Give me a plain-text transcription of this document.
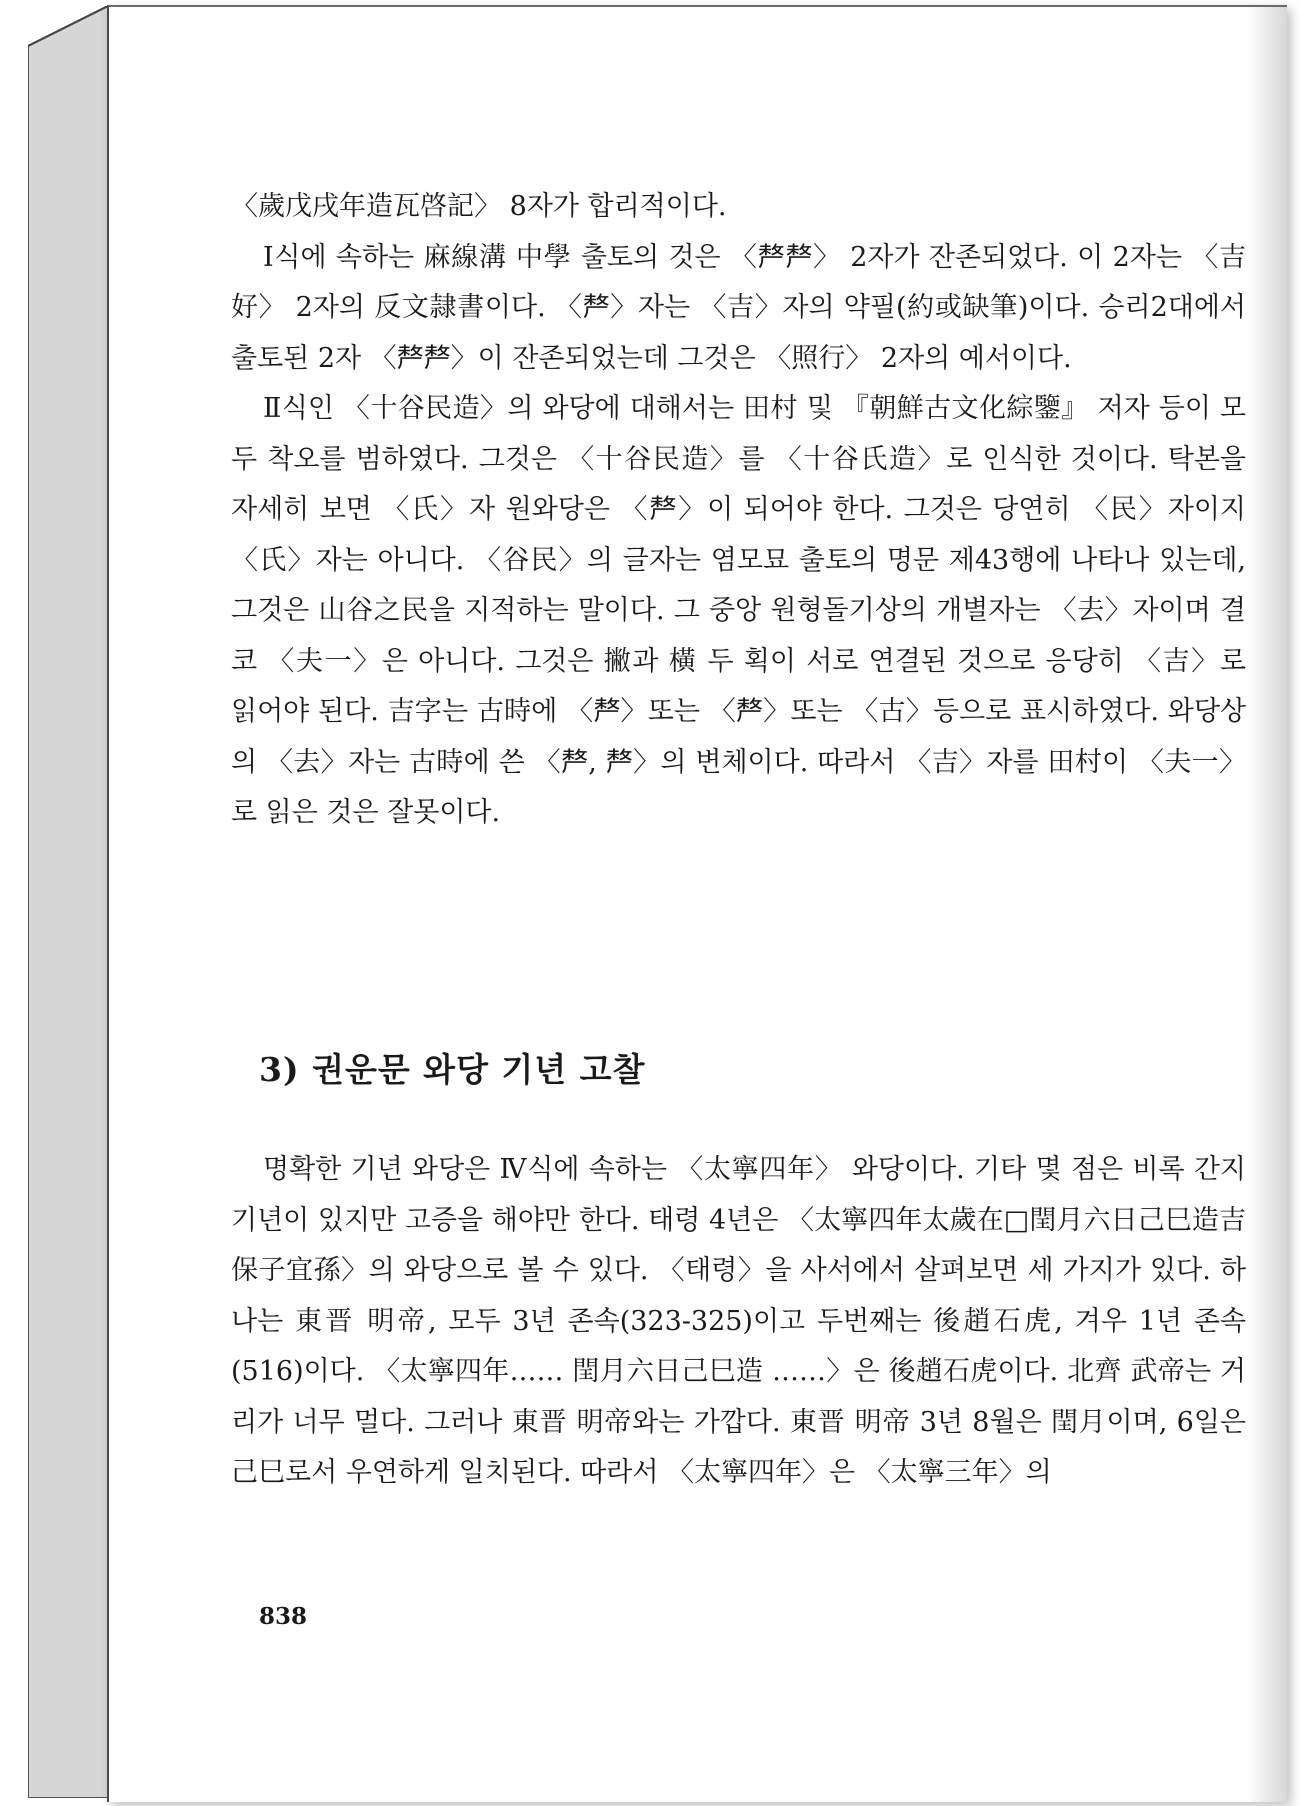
〈歲戊戌年造瓦啓記〉 8자가 합리적이다.

Ⅰ식에 속하는 麻線溝 中學 출토의 것은 〈𠩺𠩺〉 2자가 잔존되었다. 이 2자는 〈吉好〉 2자의 反文隷書이다. 〈𠩺〉자는 〈吉〉자의 약필(約或缺筆)이다. 승리2대에서 출토된 2자 〈𠩺𠩺〉이 잔존되었는데 그것은 〈照行〉 2자의 예서이다.

Ⅱ식인 〈十谷民造〉의 와당에 대해서는 田村 및 『朝鮮古文化綜鑒』 저자 등이 모두 착오를 범하였다. 그것은 〈十谷民造〉를 〈十谷氏造〉로 인식한 것이다. 탁본을 자세히 보면 〈氏〉자 원와당은 〈𠩺〉이 되어야 한다. 그것은 당연히 〈民〉자이지 〈氏〉자는 아니다. 〈谷民〉의 글자는 염모묘 출토의 명문 제43행에 나타나 있는데, 그것은 山谷之民을 지적하는 말이다. 그 중앙 원형돌기상의 개별자는 〈去〉자이며 결코 〈夫一〉은 아니다. 그것은 撇과 橫 두 획이 서로 연결된 것으로 응당히 〈吉〉로 읽어야 된다. 吉字는 古時에 〈𠩺〉또는 〈𠩺〉또는 〈古〉등으로 표시하였다. 와당상의 〈去〉자는 古時에 쓴 〈𠩺, 𠩺〉의 변체이다. 따라서 〈吉〉자를 田村이 〈夫一〉로 읽은 것은 잘못이다.

3) 권운문 와당 기년 고찰

명확한 기년 와당은 Ⅳ식에 속하는 〈太寧四年〉 와당이다. 기타 몇 점은 비록 간지기년이 있지만 고증을 해야만 한다. 태령 4년은 〈太寧四年太歲在□閏月六日己巳造吉保子宜孫〉의 와당으로 볼 수 있다. 〈태령〉을 사서에서 살펴보면 세 가지가 있다. 하나는 東晋 明帝, 모두 3년 존속(323-325)이고 두번째는 後趙石虎, 겨우 1년 존속(516)이다. 〈太寧四年…… 閏月六日己巳造 ……〉은 後趙石虎이다. 北齊 武帝는 거리가 너무 멀다. 그러나 東晋 明帝와는 가깝다. 東晋 明帝 3년 8월은 閏月이며, 6일은 己巳로서 우연하게 일치된다. 따라서 〈太寧四年〉은 〈太寧三年〉의

838
